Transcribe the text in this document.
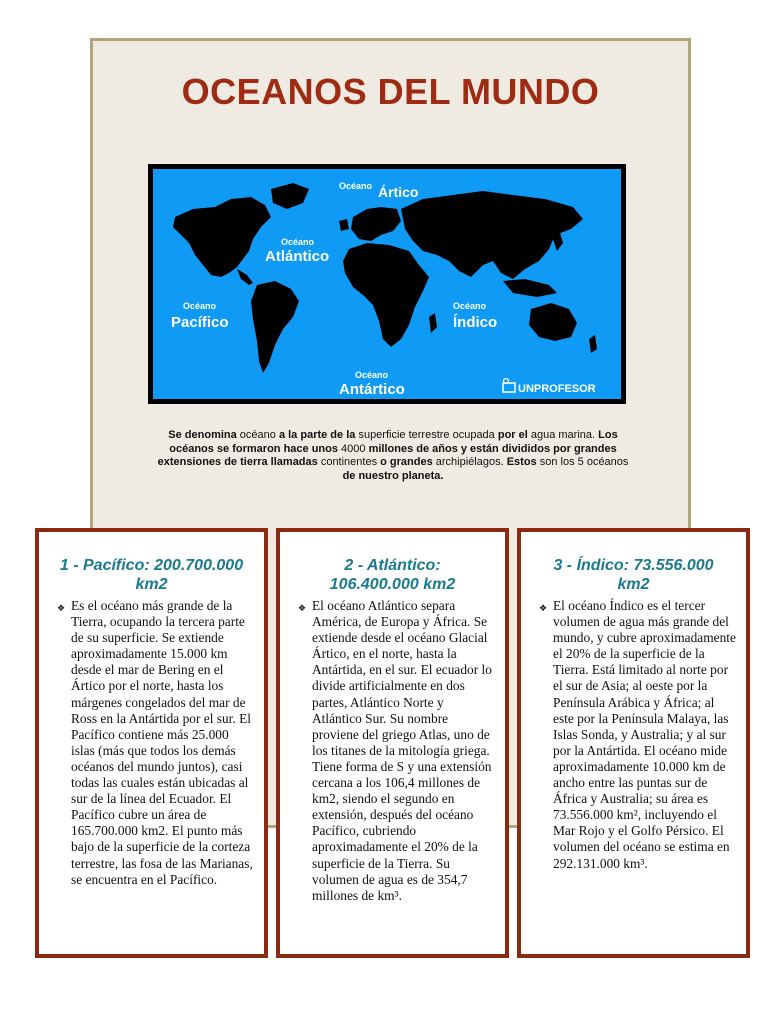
OCEANOS DEL MUNDO
Océano Ártico
Océano
Atlántico
Océano
Pacífico
Océano
Índico
Océano
Antártico	UNPROFESOR
Se denomina océano a la parte de la superficie terrestre ocupada por el agua marina. Los océanos se formaron hace unos 4000 millones de años y están divididos por grandes extensiones de tierra llamadas continentes o grandes archipiélagos. Estos son los 5 océanos de nuestro planeta.
1 - Pacífico: 200.700.000
km2
❖ Es el océano más grande de la Tierra, ocupando la tercera parte de su superficie. Se extiende aproximadamente 15.000 km desde el mar de Bering en el Ártico por el norte, hasta los márgenes congelados del mar de Ross en la Antártida por el sur. El Pacífico contiene más 25.000 islas (más que todos los demás océanos del mundo juntos), casi todas las cuales están ubicadas al sur de la línea del Ecuador. El Pacífico cubre un área de 165.700.000 km2. El punto más bajo de la superficie de la corteza terrestre, las fosa de las Marianas, se encuentra en el Pacífico.
2 - Atlántico:
106.400.000 km2
❖ El océano Atlántico separa América, de Europa y África. Se extiende desde el océano Glacial Ártico, en el norte, hasta la Antártida, en el sur. El ecuador lo divide artificialmente en dos partes, Atlántico Norte y Atlántico Sur. Su nombre proviene del griego Atlas, uno de los titanes de la mitología griega. Tiene forma de S y una extensión cercana a los 106,4 millones de km2, siendo el segundo en extensión, después del océano Pacífico, cubriendo aproximadamente el 20% de la superficie de la Tierra. Su volumen de agua es de 354,7 millones de km³.
3 - Índico: 73.556.000
km2
❖ El océano Índico es el tercer volumen de agua más grande del mundo, y cubre aproximadamente el 20% de la superficie de la Tierra. Está limitado al norte por el sur de Asia; al oeste por la Península Arábica y África; al este por la Península Malaya, las Islas Sonda, y Australia; y al sur por la Antártida. El océano mide aproximadamente 10.000 km de ancho entre las puntas sur de África y Australia; su área es 73.556.000 km², incluyendo el Mar Rojo y el Golfo Pérsico. El volumen del océano se estima en 292.131.000 km³.
